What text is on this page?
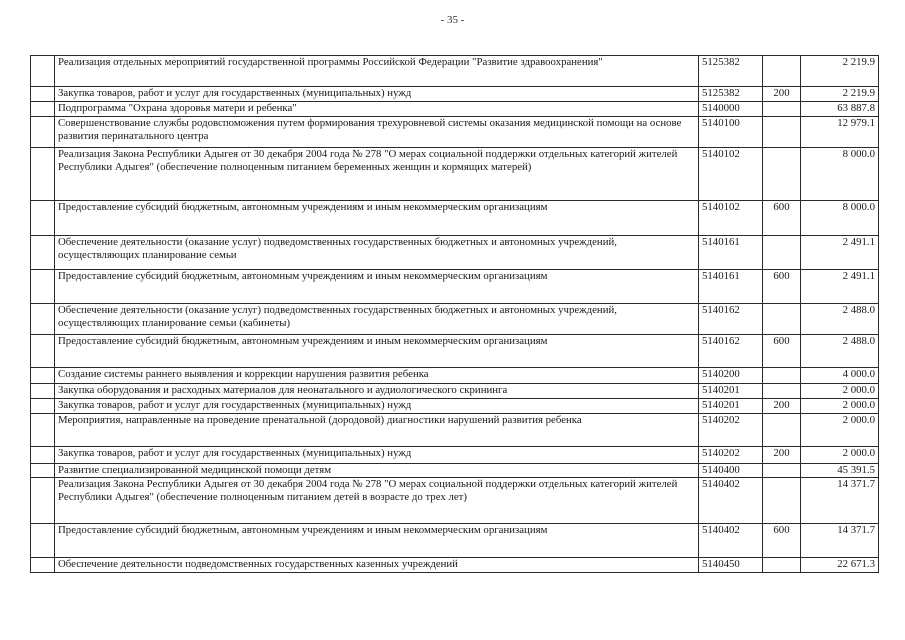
- 35 -
	Реализация отдельных мероприятий государственной программы Российской Федерации "Развитие здравоохранения"	5125382		2 219.9
	Закупка товаров, работ и услуг для государственных (муниципальных) нужд	5125382	200	2 219.9
	Подпрограмма "Охрана здоровья матери и ребенка"	5140000		63 887.8
	Совершенствование службы родовспоможения путем формирования трехуровневой системы оказания медицинской помощи на основе развития перинатального центра	5140100		12 979.1
	Реализация Закона Республики Адыгея от 30 декабря 2004 года № 278 "О мерах социальной поддержки отдельных категорий жителей Республики Адыгея" (обеспечение полноценным питанием беременных женщин и кормящих матерей)	5140102		8 000.0
	Предоставление субсидий бюджетным, автономным учреждениям и иным некоммерческим организациям	5140102	600	8 000.0
	Обеспечение деятельности (оказание услуг) подведомственных государственных бюджетных и автономных учреждений, осуществляющих планирование семьи	5140161		2 491.1
	Предоставление субсидий бюджетным, автономным учреждениям и иным некоммерческим организациям	5140161	600	2 491.1
	Обеспечение деятельности (оказание услуг) подведомственных государственных бюджетных и автономных учреждений, осуществляющих планирование семьи (кабинеты)	5140162		2 488.0
	Предоставление субсидий бюджетным, автономным учреждениям и иным некоммерческим организациям	5140162	600	2 488.0
	Создание системы раннего выявления и коррекции нарушения развития ребенка	5140200		4 000.0
	Закупка оборудования и расходных материалов для неонатального и аудиологического скрининга	5140201		2 000.0
	Закупка товаров, работ и услуг для государственных (муниципальных) нужд	5140201	200	2 000.0
	Мероприятия, направленные на проведение пренатальной (дородовой) диагностики нарушений развития ребенка	5140202		2 000.0
	Закупка товаров, работ и услуг для государственных (муниципальных) нужд	5140202	200	2 000.0
	Развитие специализированной медицинской помощи детям	5140400		45 391.5
	Реализация Закона Республики Адыгея от 30 декабря 2004 года № 278 "О мерах социальной поддержки отдельных категорий жителей Республики Адыгея" (обеспечение полноценным питанием детей в возрасте до трех лет)	5140402		14 371.7
	Предоставление субсидий бюджетным, автономным учреждениям и иным некоммерческим организациям	5140402	600	14 371.7
	Обеспечение деятельности подведомственных государственных казенных учреждений	5140450		22 671.3
